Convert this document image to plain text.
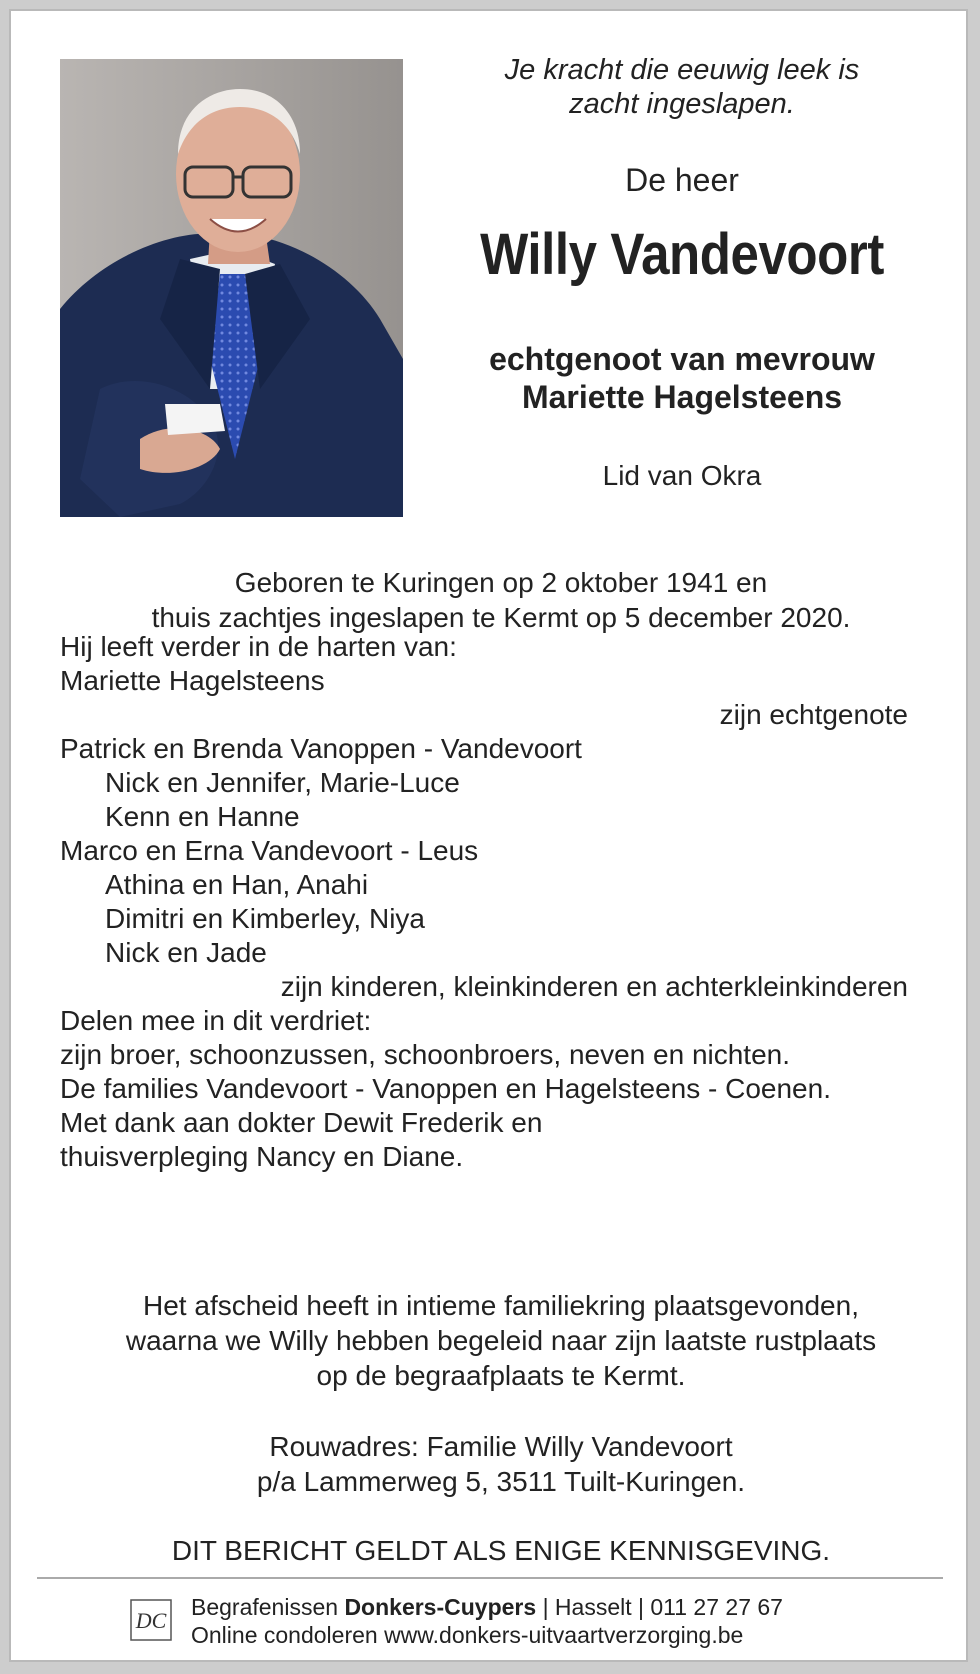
Je kracht die eeuwig leek is
zacht ingeslapen.
De heer
Willy Vandevoort
echtgenoot van mevrouw
Mariette Hagelsteens
Lid van Okra
Geboren te Kuringen op 2 oktober 1941 en
thuis zachtjes ingeslapen te Kermt op 5 december 2020.
Hij leeft verder in de harten van:
Mariette Hagelsteens
zijn echtgenote
Patrick en Brenda Vanoppen - Vandevoort
Nick en Jennifer, Marie-Luce
Kenn en Hanne
Marco en Erna Vandevoort - Leus
Athina en Han, Anahi
Dimitri en Kimberley, Niya
Nick en Jade
zijn kinderen, kleinkinderen en achterkleinkinderen
Delen mee in dit verdriet:
zijn broer, schoonzussen, schoonbroers, neven en nichten.
De families Vandevoort - Vanoppen en Hagelsteens - Coenen.
Met dank aan dokter Dewit Frederik en
thuisverpleging Nancy en Diane.
Het afscheid heeft in intieme familiekring plaatsgevonden,
waarna we Willy hebben begeleid naar zijn laatste rustplaats
op de begraafplaats te Kermt.
Rouwadres: Familie Willy Vandevoort
p/a Lammerweg 5, 3511 Tuilt-Kuringen.
DIT BERICHT GELDT ALS ENIGE KENNISGEVING.
DC
Begrafenissen Donkers-Cuypers | Hasselt | 011 27 27 67
Online condoleren www.donkers-uitvaartverzorging.be
